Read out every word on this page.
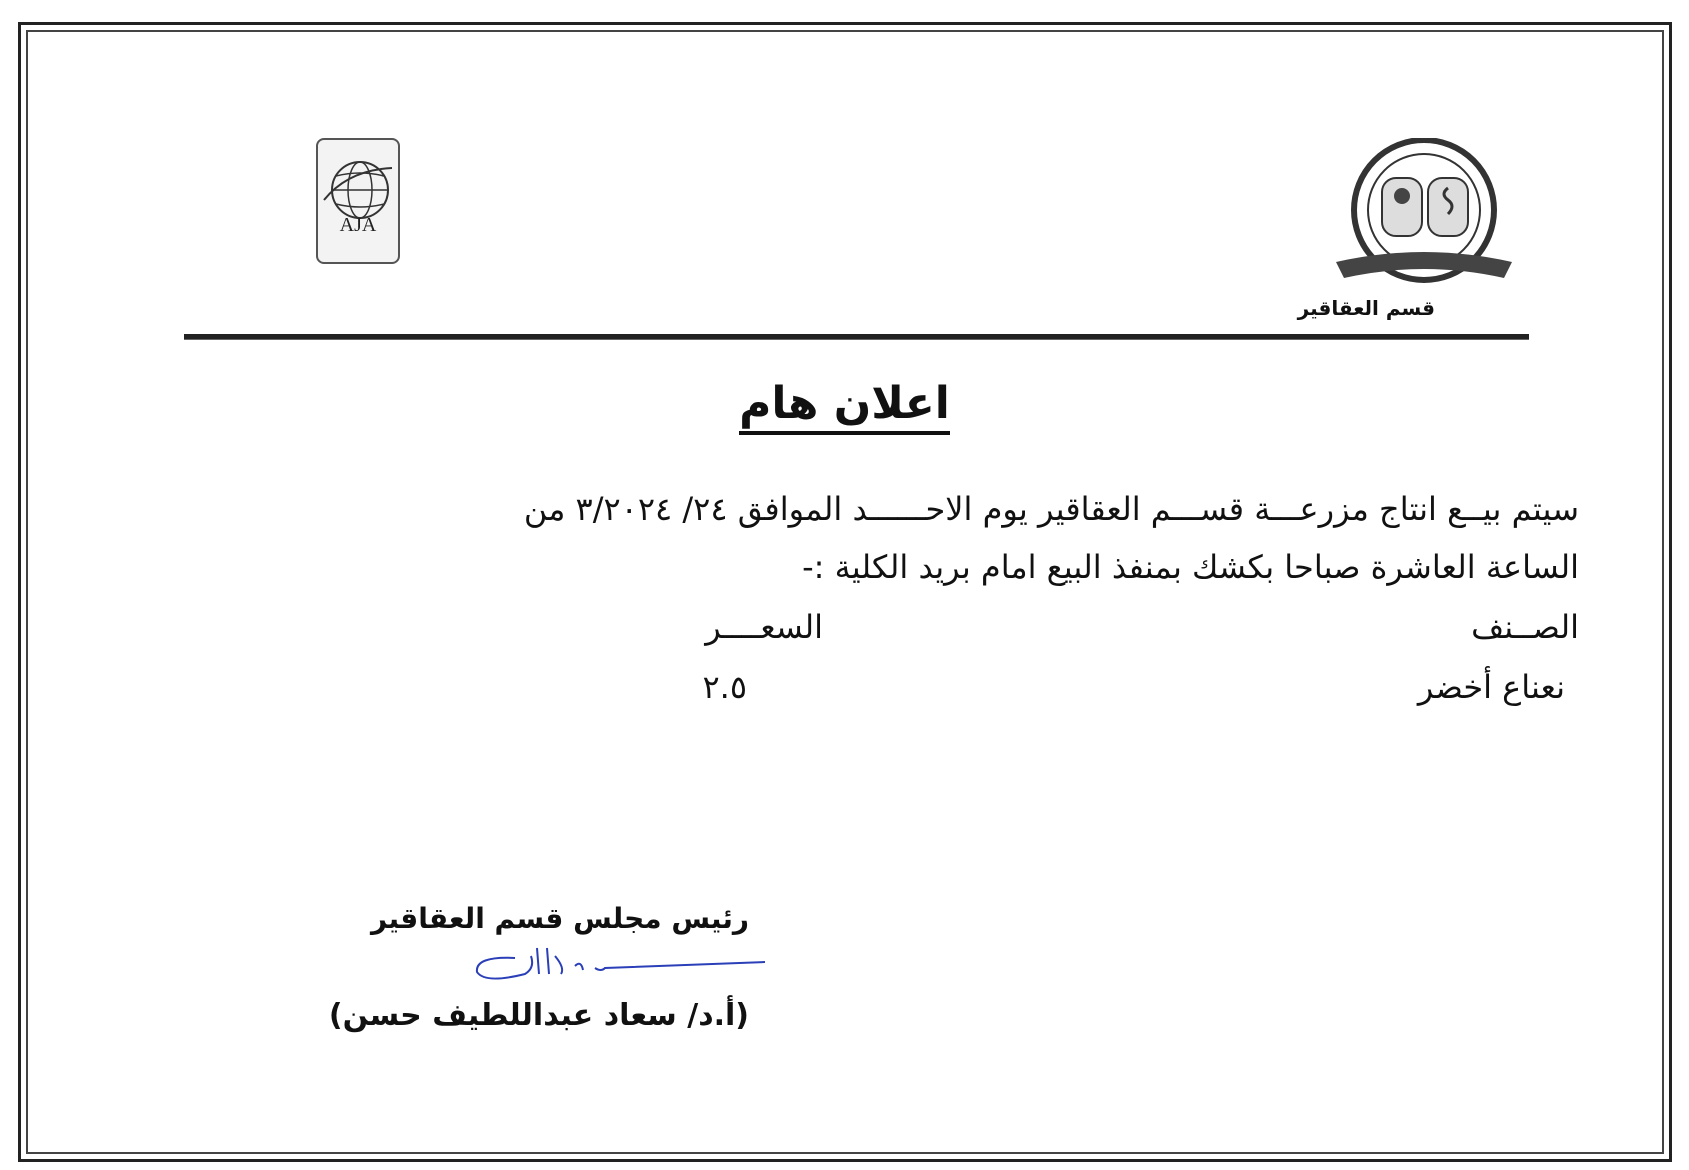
AJA
قسم العقاقير
اعلان هام
سيتم بيــع انتاج مزرعـــة قســـم العقاقير يوم الاحــــــد الموافق ٢٤/ ٣/٢٠٢٤ من
الساعة العاشرة صباحا بكشك بمنفذ البيع امام بريد الكلية :-
الصــنف
السعــــر
نعناع أخضر
٢.٥
رئيس مجلس قسم العقاقير
(أ.د/ سعاد عبداللطيف حسن)
